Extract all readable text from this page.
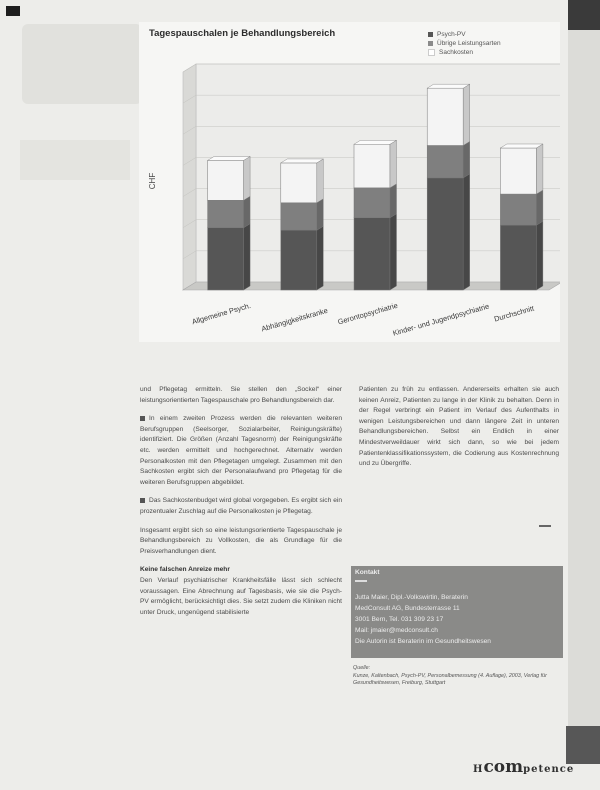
CHF
Allgemeine Psych. Abhängigkeitskranke Gerontopsychiatrie
Kinder- und Jugendpsychiatrie Durchschnitt
Tagespauschalen je Behandlungsbereich	Psych-PV
Übrige Leistungsarten
Sachkosten

und Pflegetag ermitteln. Sie stellen den „Sockel“ einer leistungsorientierten Tagespauschale pro Behandlungsbereich dar.

In einem zweiten Prozess werden die relevanten weiteren Berufsgruppen (Seelsorger, Sozialarbeiter, Reinigungskräfte) identifiziert. Die Größen (Anzahl Tagesnorm) der Reinigungskräfte etc. werden ermittelt und hochgerechnet. Alternativ werden Personalkosten mit den Pflegetagen umgelegt. Zusammen mit den Sachkosten ergibt sich der Personalaufwand pro Pflegetag für die weiteren Berufsgruppen abgebildet.

Das Sachkostenbudget wird global vorgegeben. Es ergibt sich ein prozentualer Zuschlag auf die Personalkosten je Pflegetag.

Insgesamt ergibt sich so eine leistungsorientierte Tagespauschale je Behandlungsbereich zu Vollkosten, die als Grundlage für die Preisverhandlungen dient.

Keine falschen Anreize mehr

Den Verlauf psychiatrischer Krankheitsfälle lässt sich schlecht voraussagen. Eine Abrechnung auf Tagesbasis, wie sie die Psych-PV ermöglicht, berücksichtigt dies. Sie setzt zudem die Kliniken nicht unter Druck, ungenügend stabilisierte

Patienten zu früh zu entlassen. Andererseits erhalten sie auch keinen Anreiz, Patienten zu lange in der Klinik zu behalten. Denn in der Regel verbringt ein Patient im Verlauf des Aufenthalts in wenigen Leistungsbereichen und dann längere Zeit in unteren Behandlungsbereichen. Selbst ein Endlich in einer Mindestverweildauer wirkt sich dann, so wie bei jedem Patientenklassifikationssystem, die Codierung aus Kostenrechnung und zu Übergriffe.

Kontakt
Jutta Maier, Dipl.-Volkswirtin, Beraterin
MedConsult AG, Bundesterrasse 11
3001 Bern, Tel. 031 309 23 17
Mail: jmaier@medconsult.ch
Die Autorin ist Beraterin im Gesundheitswesen
Quelle:
Kunze, Kaltenbach, Psych-PV, Personalbemessung (4. Auflage), 2003, Verlag für Gesundheitswesen, Freiburg, Stuttgart
Hcompetence
